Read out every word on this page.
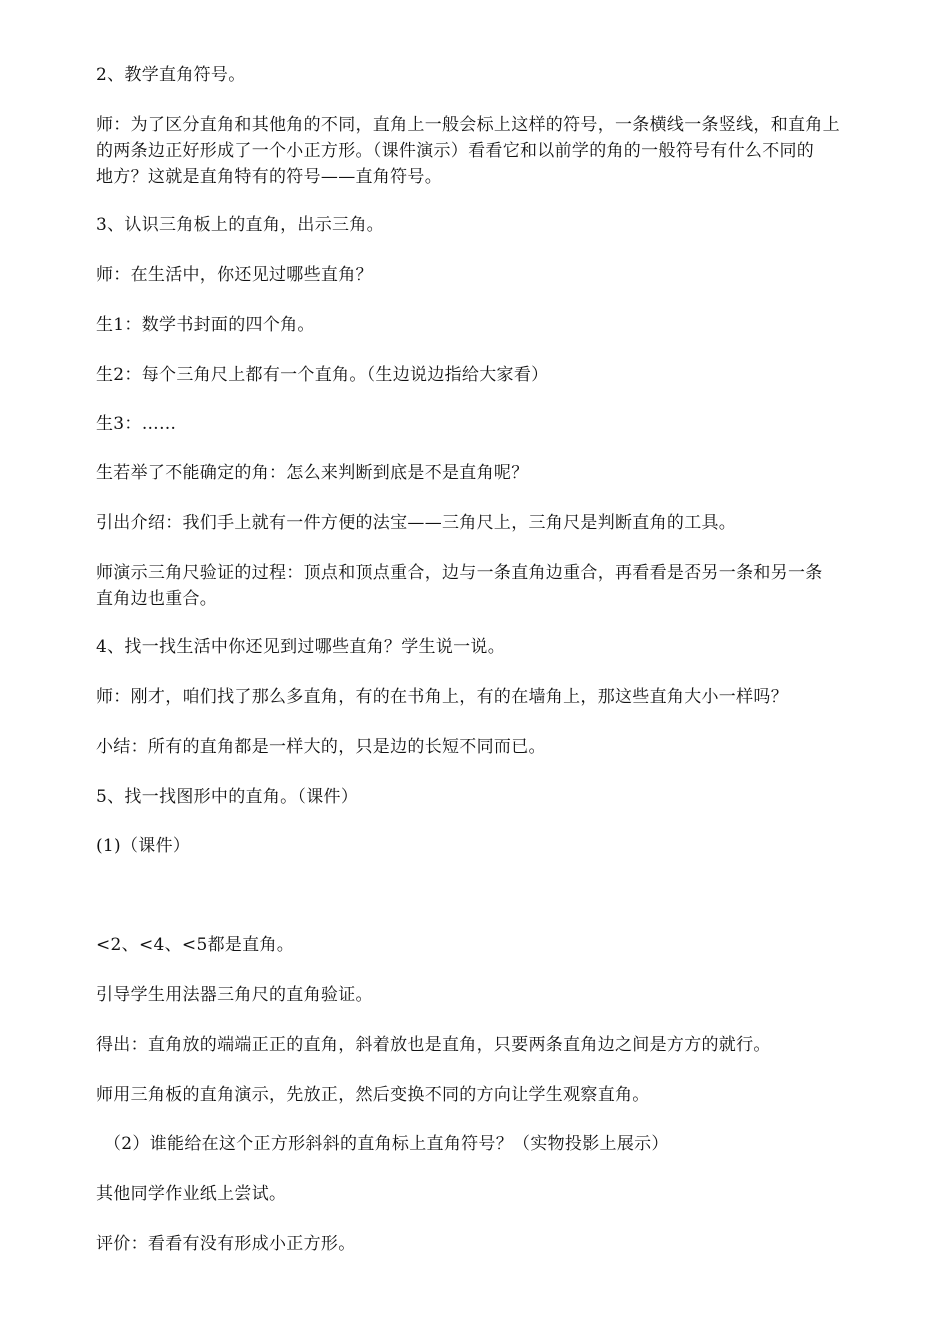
2、教学直角符号。
师：为了区分直角和其他角的不同，直角上一般会标上这样的符号，一条横线一条竖线，和直角上
的两条边正好形成了一个小正方形。（课件演示）看看它和以前学的角的一般符号有什么不同的
地方？这就是直角特有的符号——直角符号。
3、认识三角板上的直角，出示三角。
师：在生活中，你还见过哪些直角？
生1：数学书封面的四个角。
生2：每个三角尺上都有一个直角。（生边说边指给大家看）
生3：……
生若举了不能确定的角：怎么来判断到底是不是直角呢？
引出介绍：我们手上就有一件方便的法宝——三角尺上，三角尺是判断直角的工具。
师演示三角尺验证的过程：顶点和顶点重合，边与一条直角边重合，再看看是否另一条和另一条
直角边也重合。
4、找一找生活中你还见到过哪些直角？学生说一说。
师：刚才，咱们找了那么多直角，有的在书角上，有的在墙角上，那这些直角大小一样吗？
小结：所有的直角都是一样大的，只是边的长短不同而已。
5、找一找图形中的直角。（课件）
(1)（课件）
<2、<4、<5都是直角。
引导学生用法器三角尺的直角验证。
得出：直角放的端端正正的直角，斜着放也是直角，只要两条直角边之间是方方的就行。
师用三角板的直角演示，先放正，然后变换不同的方向让学生观察直角。
（2）谁能给在这个正方形斜斜的直角标上直角符号？（实物投影上展示）
其他同学作业纸上尝试。
评价：看看有没有形成小正方形。
